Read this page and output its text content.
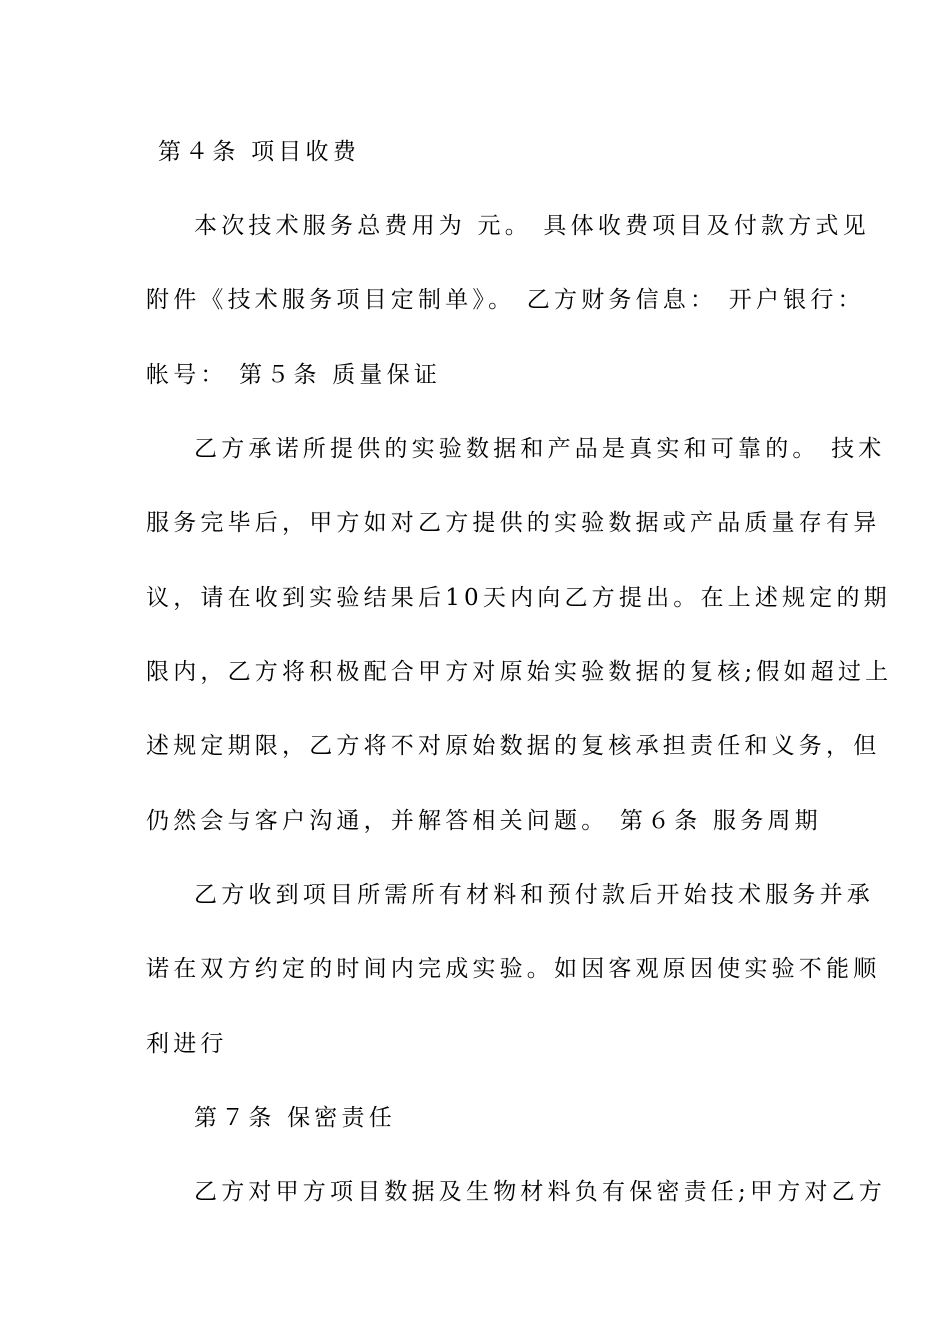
第４条 项目收费
本次技术服务总费用为 元。 具体收费项目及付款方式见
附件《技术服务项目定制单》。 乙方财务信息： 开户银行：
帐号： 第５条 质量保证
乙方承诺所提供的实验数据和产品是真实和可靠的。 技术
服务完毕后，甲方如对乙方提供的实验数据或产品质量存有异
议，请在收到实验结果后10天内向乙方提出。在上述规定的期
限内，乙方将积极配合甲方对原始实验数据的复核;假如超过上
述规定期限，乙方将不对原始数据的复核承担责任和义务，但
仍然会与客户沟通，并解答相关问题。 第６条 服务周期
乙方收到项目所需所有材料和预付款后开始技术服务并承
诺在双方约定的时间内完成实验。如因客观原因使实验不能顺
利进行
第７条 保密责任
乙方对甲方项目数据及生物材料负有保密责任;甲方对乙方
